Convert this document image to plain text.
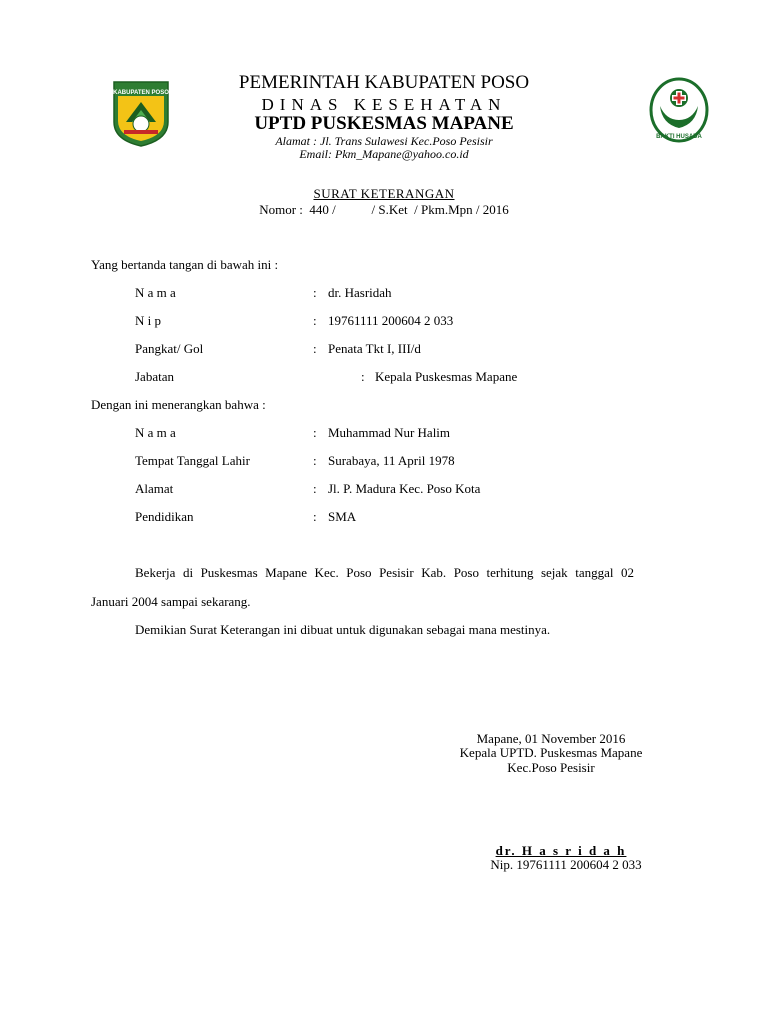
KABUPATEN POSO
BAKTI HUSADA
PEMERINTAH KABUPATEN POSO
DINAS KESEHATAN
UPTD PUSKESMAS MAPANE
Alamat : Jl. Trans Sulawesi Kec.Poso Pesisir
Email: Pkm_Mapane@yahoo.co.id
SURAT KETERANGAN
Nomor :  440 /           / S.Ket  / Pkm.Mpn / 2016
Yang bertanda tangan di bawah ini :
N a m a	: dr. Hasridah
N i p	: 19761111 200604 2 033
Pangkat/ Gol	: Penata Tkt I, III/d
Jabatan	: Kepala Puskesmas Mapane
Dengan ini menerangkan bahwa :
N a m a	: Muhammad Nur Halim
Tempat Tanggal Lahir	: Surabaya, 11 April 1978
Alamat	: Jl. P. Madura Kec. Poso Kota
Pendidikan	: SMA
Bekerja di Puskesmas Mapane Kec. Poso Pesisir Kab. Poso terhitung sejak tanggal 02
Januari 2004 sampai sekarang.
Demikian Surat Keterangan ini dibuat untuk digunakan sebagai mana mestinya.
Mapane, 01 November 2016
Kepala UPTD. Puskesmas Mapane
Kec.Poso Pesisir
dr. H a s r i d a h
Nip. 19761111 200604 2 033
